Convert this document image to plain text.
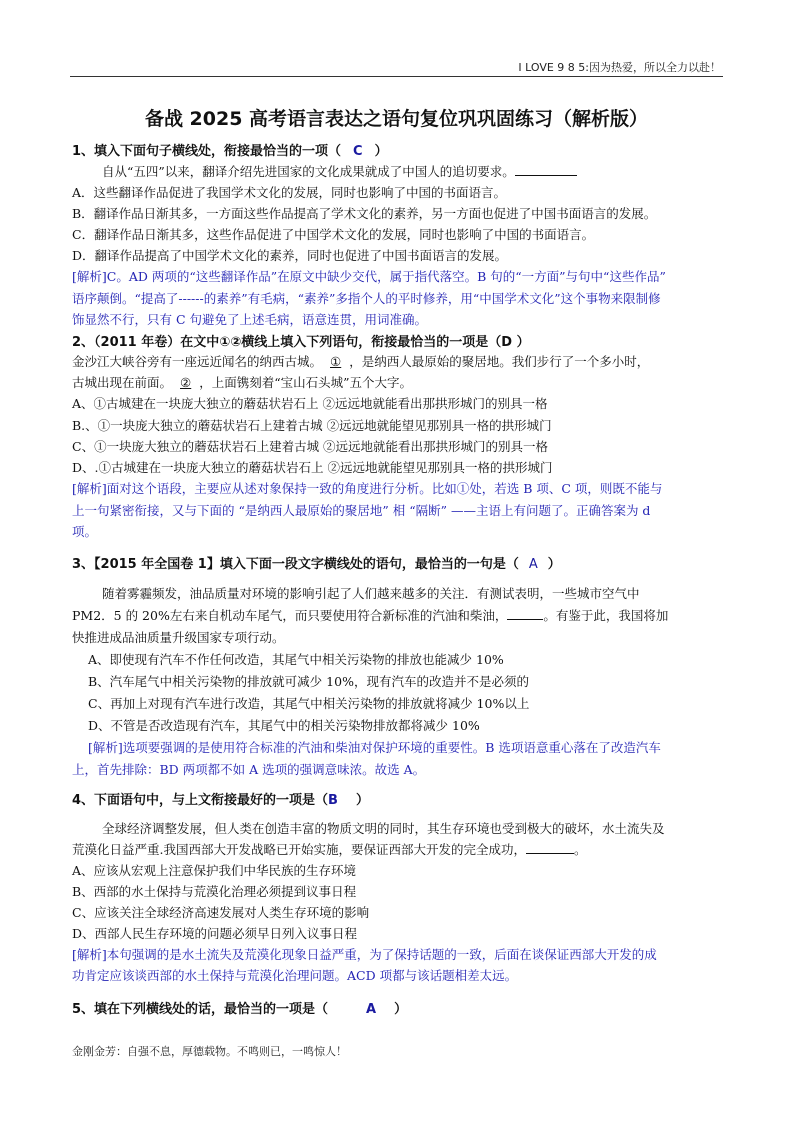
I LOVE 9 8 5:因为热爱，所以全力以赴！
备战 2025 高考语言表达之语句复位巩巩固练习（解析版）
1、填入下面句子横线处，衔接最恰当的一项（ C ）
自从“五四”以来，翻译介绍先进国家的文化成果就成了中国人的追切要求。
A．这些翻译作品促进了我国学术文化的发展，同时也影响了中国的书面语言。
B．翻译作品日渐其多，一方面这些作品提高了学术文化的素养，另一方面也促进了中国书面语言的发展。
C．翻译作品日渐其多，这些作品促进了中国学术文化的发展，同时也影响了中国的书面语言。
D．翻译作品提高了中国学术文化的素养，同时也促进了中国书面语言的发展。
[解析]C。AD 两项的“这些翻译作品”在原文中缺少交代，属于指代落空。B 句的“一方面”与句中“这些作品”
语序颠倒。“提高了------的素养”有毛病，“素养”多指个人的平时修养，用“中国学术文化”这个事物来限制修
饰显然不行，只有 C 句避免了上述毛病，语意连贯，用词准确。
2、（2011 年卷）在文中①②横线上填入下列语句，衔接最恰当的一项是（D ）
金沙江大峡谷旁有一座远近闻名的纳西古城。 ① ，是纳西人最原始的聚居地。我们步行了一个多小时，
古城出现在前面。 ② ，上面镌刻着“宝山石头城”五个大字。
A、①古城建在一块庞大独立的蘑菇状岩石上 ②远远地就能看出那拱形城门的别具一格
B.、①一块庞大独立的蘑菇状岩石上建着古城 ②远远地就能望见那别具一格的拱形城门
C、①一块庞大独立的蘑菇状岩石上建着古城 ②远远地就能看出那拱形城门的别具一格
D、.①古城建在一块庞大独立的蘑菇状岩石上 ②远远地就能望见那别具一格的拱形城门
[解析]面对这个语段，主要应从述对象保持一致的角度进行分析。比如①处，若选 B 项、C 项，则既不能与
上一句紧密衔接，又与下面的 “是纳西人最原始的聚居地” 相 “隔断” ——主语上有问题了。正确答案为 d
项。
3、【2015 年全国卷 1】填入下面一段文字横线处的语句，最恰当的一句是（ A ）
随着雾霾频发，油品质量对环境的影响引起了人们越来越多的关注．有测试表明，一些城市空气中
PM2．5 的 20%左右来自机动车尾气，而只要使用符合新标准的汽油和柴油，	。有鉴于此，我国将加
快推进成品油质量升级国家专项行动。
A、即使现有汽车不作任何改造，其尾气中相关污染物的排放也能减少 10%
B、汽车尾气中相关污染物的排放就可减少 10%，现有汽车的改造并不是必须的
C、再加上对现有汽车进行改造，其尾气中相关污染物的排放就将减少 10%以上
D、不管是否改造现有汽车，其尾气中的相关污染物排放都将减少 10%
[解析]选项要强调的是使用符合标准的汽油和柴油对保护环境的重要性。B 选项语意重心落在了改造汽车
上，首先排除：BD 两项都不如 A 选项的强调意味浓。故选 A。
4、下面语句中，与上文衔接最好的一项是（B ）
全球经济调整发展，但人类在创造丰富的物质文明的同时，其生存环境也受到极大的破坏，水土流失及
荒漠化日益严重.我国西部大开发战略已开始实施，要保证西部大开发的完全成功，	。
A、应该从宏观上注意保护我们中华民族的生存环境
B、西部的水土保持与荒漠化治理必须提到议事日程
C、应该关注全球经济高速发展对人类生存环境的影响
D、西部人民生存环境的问题必须早日列入议事日程
[解析]本句强调的是水土流失及荒漠化现象日益严重，为了保持话题的一致，后面在谈保证西部大开发的成
功肯定应该谈西部的水土保持与荒漠化治理问题。ACD 项都与该话题相差太远。
5、填在下列横线处的话，最恰当的一项是（	A ）
金刚金芳：自强不息，厚德载物。不鸣则已，一鸣惊人！
